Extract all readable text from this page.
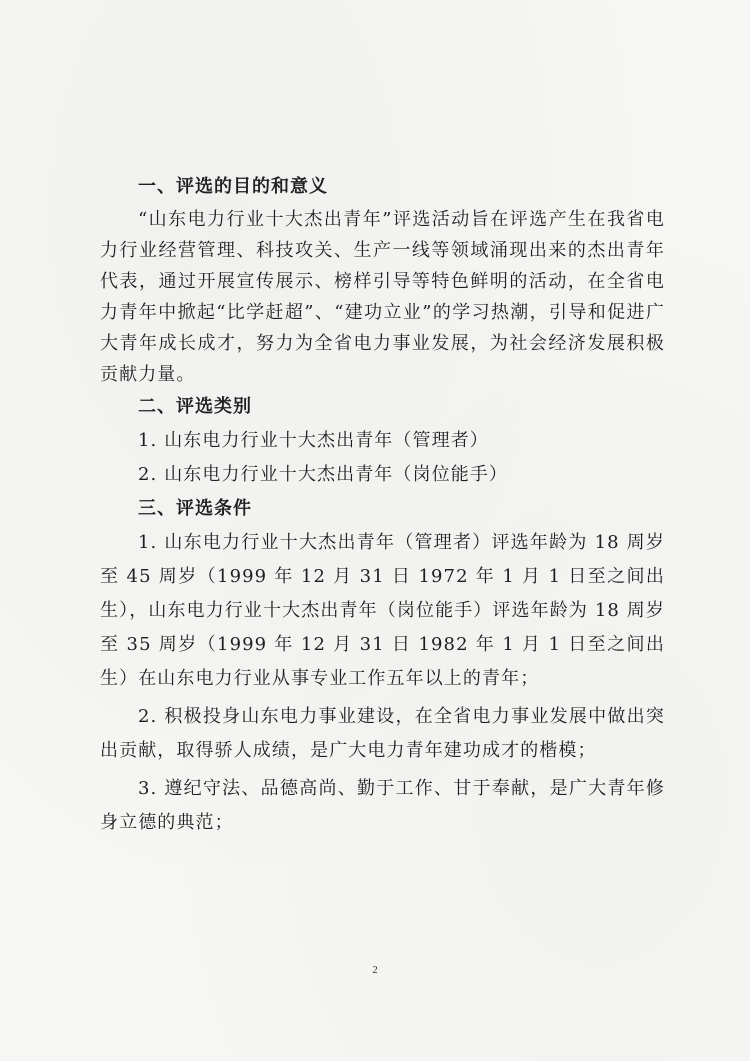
一、评选的目的和意义

“山东电力行业十大杰出青年”评选活动旨在评选产生在我省电力行业经营管理、科技攻关、生产一线等领域涌现出来的杰出青年代表，通过开展宣传展示、榜样引导等特色鲜明的活动，在全省电力青年中掀起“比学赶超”、“建功立业”的学习热潮，引导和促进广大青年成长成才，努力为全省电力事业发展，为社会经济发展积极贡献力量。

二、评选类别

1. 山东电力行业十大杰出青年（管理者）

2. 山东电力行业十大杰出青年（岗位能手）

三、评选条件

1. 山东电力行业十大杰出青年（管理者）评选年龄为 18 周岁至 45 周岁（1999 年 12 月 31 日 1972 年 1 月 1 日至之间出生），山东电力行业十大杰出青年（岗位能手）评选年龄为 18 周岁至 35 周岁（1999 年 12 月 31 日 1982 年 1 月 1 日至之间出生）在山东电力行业从事专业工作五年以上的青年；

2. 积极投身山东电力事业建设，在全省电力事业发展中做出突出贡献，取得骄人成绩，是广大电力青年建功成才的楷模；

3. 遵纪守法、品德高尚、勤于工作、甘于奉献，是广大青年修身立德的典范；

2
